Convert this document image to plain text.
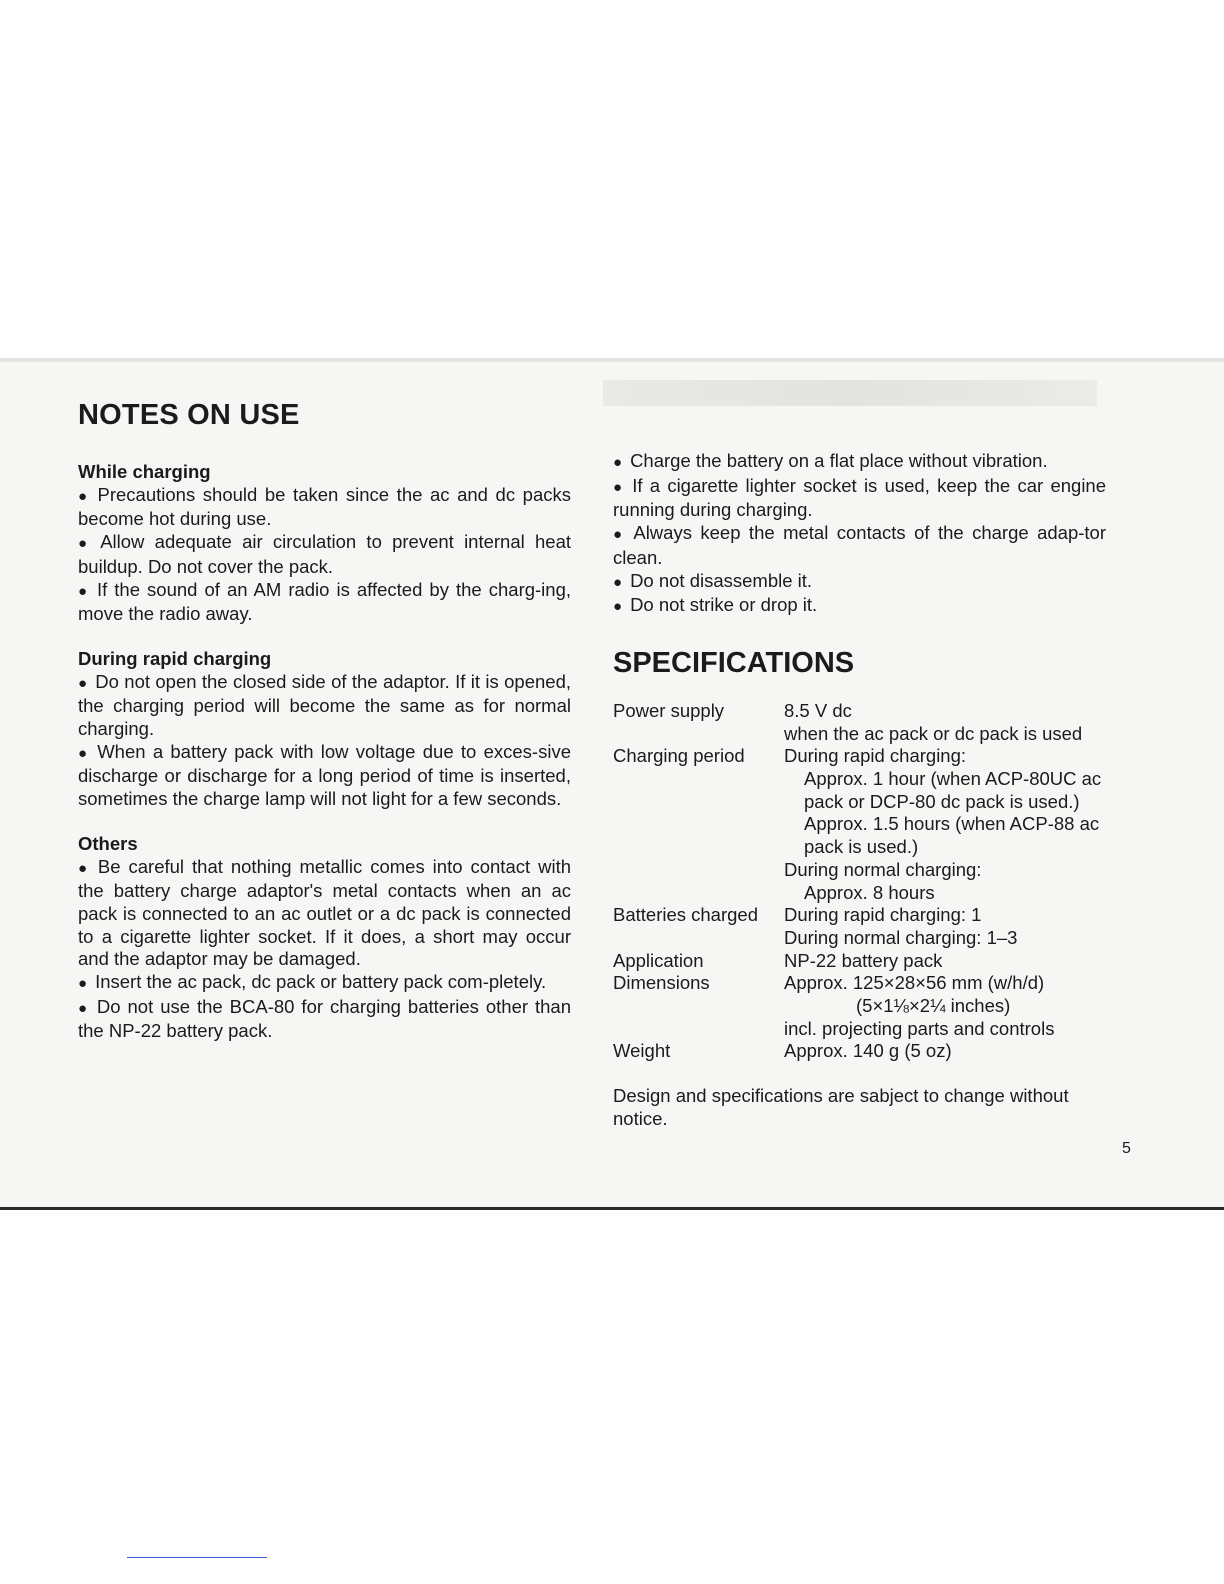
NOTES ON USE
While charging

● Precautions should be taken since the ac and dc packs become hot during use.

● Allow adequate air circulation to prevent internal heat buildup. Do not cover the pack.

● If the sound of an AM radio is affected by the charg-ing, move the radio away.

During rapid charging

● Do not open the closed side of the adaptor. If it is opened, the charging period will become the same as for normal charging.

● When a battery pack with low voltage due to exces-sive discharge or discharge for a long period of time is inserted, sometimes the charge lamp will not light for a few seconds.

Others

● Be careful that nothing metallic comes into contact with the battery charge adaptor's metal contacts when an ac pack is connected to an ac outlet or a dc pack is connected to a cigarette lighter socket. If it does, a short may occur and the adaptor may be damaged.

● Insert the ac pack, dc pack or battery pack com-pletely.

● Do not use the BCA-80 for charging batteries other than the NP-22 battery pack.

● Charge the battery on a flat place without vibration.

● If a cigarette lighter socket is used, keep the car engine running during charging.

● Always keep the metal contacts of the charge adap-tor clean.

● Do not disassemble it.

● Do not strike or drop it.

SPECIFICATIONS
Power supply	8.5 V dc
when the ac pack or dc pack is used

Charging period	During rapid charging:
Approx. 1 hour (when ACP-80UC ac pack or DCP-80 dc pack is used.)
Approx. 1.5 hours (when ACP-88 ac pack is used.)
During normal charging:
Approx. 8 hours

Batteries charged	During rapid charging: 1
During normal charging: 1–3

Application	NP-22 battery pack
Dimensions	Approx. 125×28×56 mm (w/h/d)
(5×1⅛×2¼ inches)
incl. projecting parts and controls

Weight	Approx. 140 g (5 oz)

Design and specifications are sabject to change without notice.

5
